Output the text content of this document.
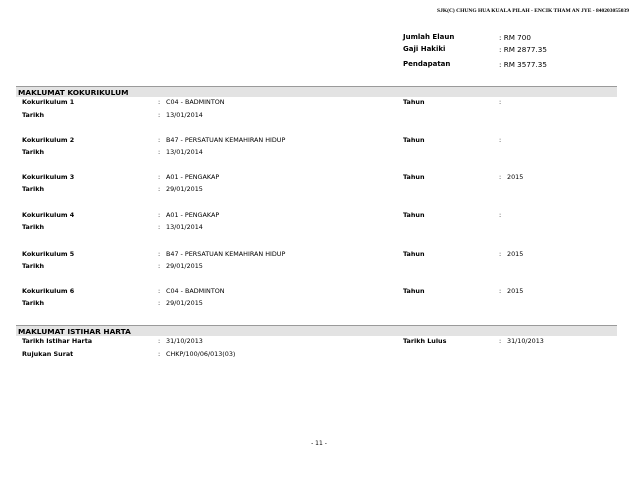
SJK(C) CHUNG HUA KUALA PILAH - ENCIK THAM AN JYE - 840203055039
Jumlah Elaun	: RM 700
Gaji Hakiki	: RM 2877.35
Pendapatan	: RM 3577.35
MAKLUMAT KOKURIKULUM
Kokurikulum 1	: C04 - BADMINTON	Tahun	:
Tarikh	: 13/01/2014
Kokurikulum 2	: B47 - PERSATUAN KEMAHIRAN HIDUP	Tahun	:
Tarikh	: 13/01/2014
Kokurikulum 3	: A01 - PENGAKAP	Tahun	: 2015
Tarikh	: 29/01/2015
Kokurikulum 4	: A01 - PENGAKAP	Tahun	:
Tarikh	: 13/01/2014
Kokurikulum 5	: B47 - PERSATUAN KEMAHIRAN HIDUP	Tahun	: 2015
Tarikh	: 29/01/2015
Kokurikulum 6	: C04 - BADMINTON	Tahun	: 2015
Tarikh	: 29/01/2015
MAKLUMAT ISTIHAR HARTA
Tarikh Istihar Harta	: 31/10/2013	Tarikh Lulus	: 31/10/2013
Rujukan Surat	: CHKP/100/06/013(03)
- 11 -
